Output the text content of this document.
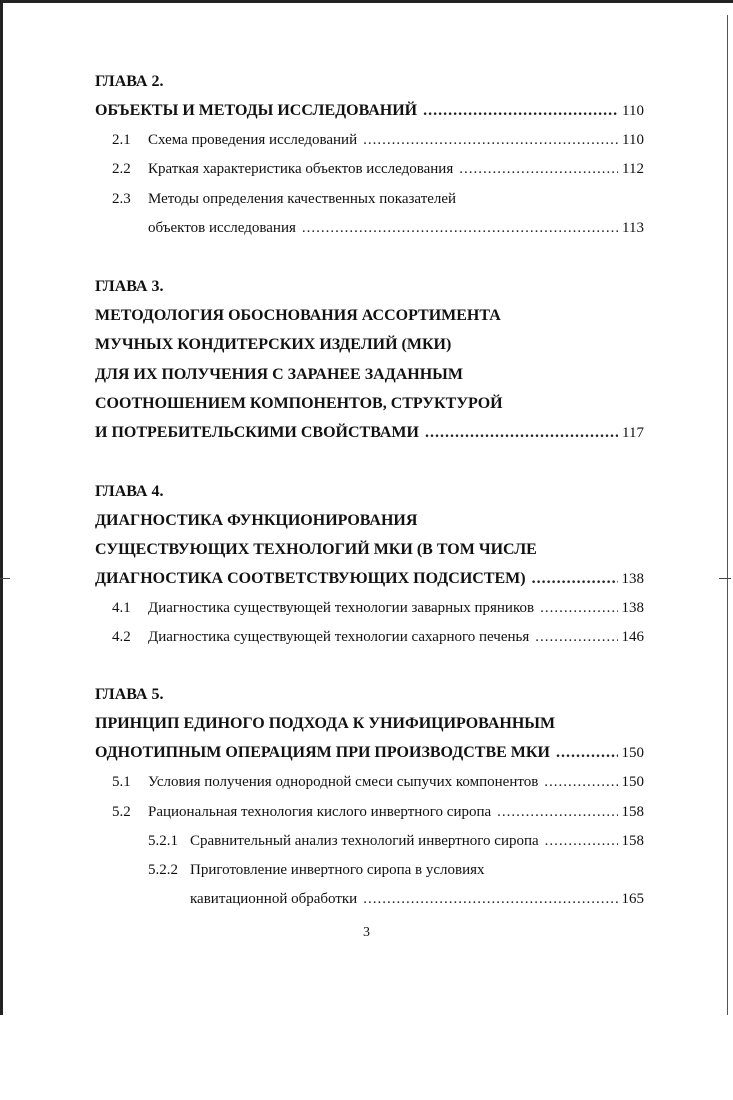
ГЛАВА 2.
ОБЪЕКТЫ И МЕТОДЫ ИССЛЕДОВАНИЙ .....	110
2.1	Схема проведения исследований .....	110
2.2	Краткая характеристика объектов исследования .....	112
2.3	Методы определения качественных показателей
объектов исследования .....	113
ГЛАВА 3.
МЕТОДОЛОГИЯ ОБОСНОВАНИЯ АССОРТИМЕНТА
МУЧНЫХ КОНДИТЕРСКИХ ИЗДЕЛИЙ (МКИ)
ДЛЯ ИХ ПОЛУЧЕНИЯ С ЗАРАНЕЕ ЗАДАННЫМ
СООТНОШЕНИЕМ КОМПОНЕНТОВ, СТРУКТУРОЙ
И ПОТРЕБИТЕЛЬСКИМИ СВОЙСТВАМИ .....	117
ГЛАВА 4.
ДИАГНОСТИКА ФУНКЦИОНИРОВАНИЯ
СУЩЕСТВУЮЩИХ ТЕХНОЛОГИЙ МКИ (В ТОМ ЧИСЛЕ
ДИАГНОСТИКА СООТВЕТСТВУЮЩИХ ПОДСИСТЕМ) .....	138
4.1	Диагностика существующей технологии заварных пряников .....	138
4.2	Диагностика существующей технологии сахарного печенья .....	146
ГЛАВА 5.
ПРИНЦИП ЕДИНОГО ПОДХОДА К УНИФИЦИРОВАННЫМ
ОДНОТИПНЫМ ОПЕРАЦИЯМ ПРИ ПРОИЗВОДСТВЕ МКИ .....	150
5.1	Условия получения однородной смеси сыпучих компонентов .....	150
5.2	Рациональная технология кислого инвертного сиропа .....	158
5.2.1 Сравнительный анализ технологий инвертного сиропа .....	158
5.2.2 Приготовление инвертного сиропа в условиях
кавитационной обработки .....	165
3
